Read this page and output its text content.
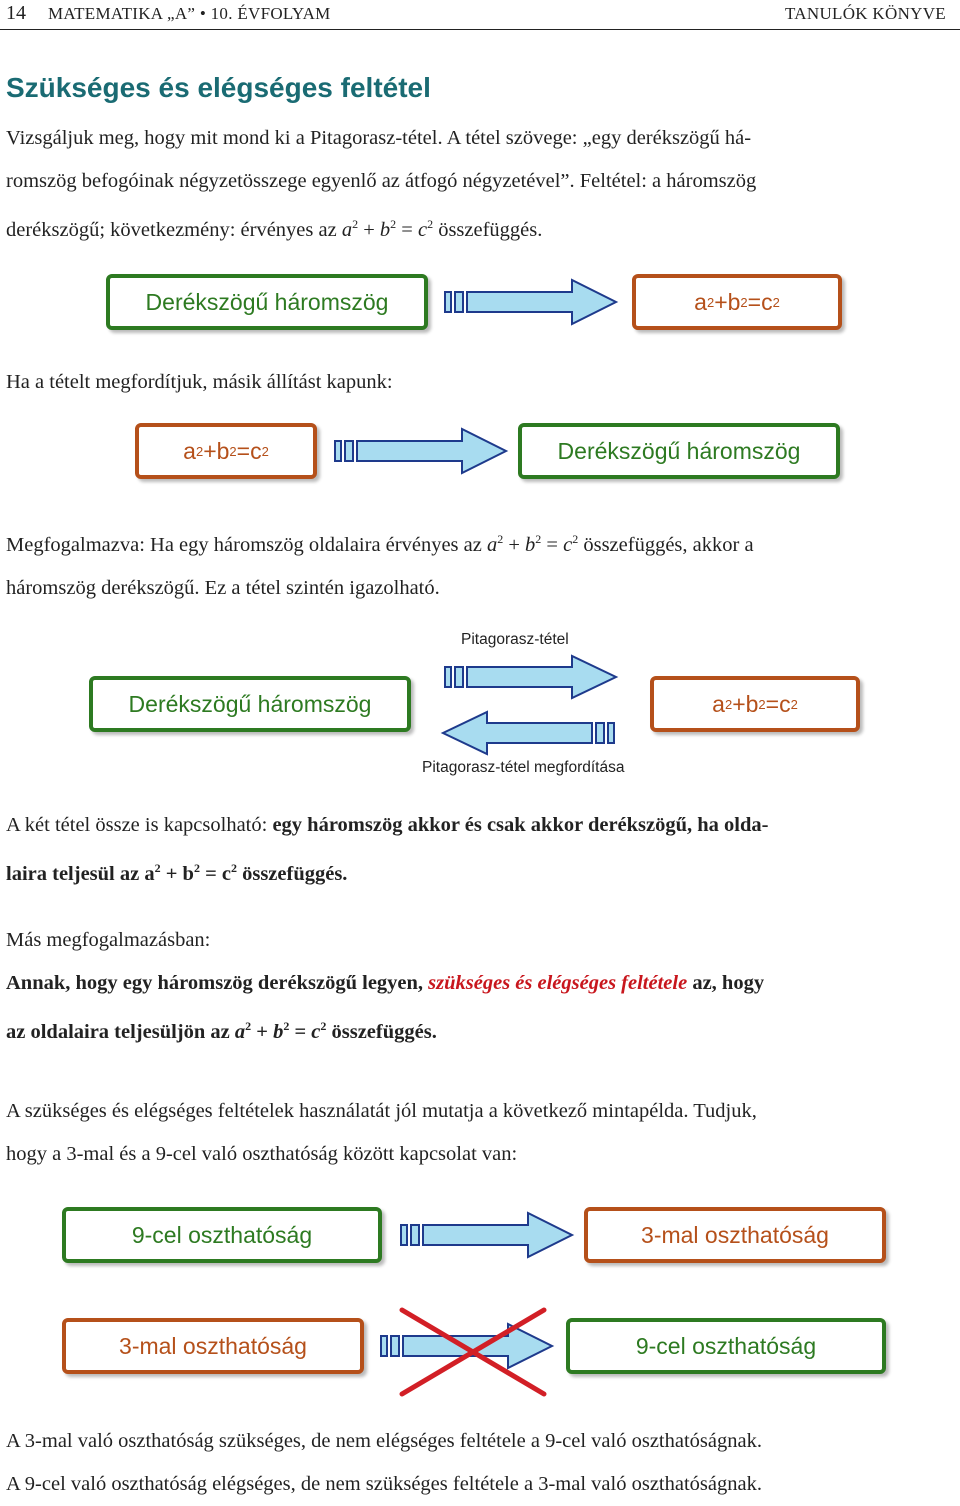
14 MATEMATIKA „A” • 10. ÉVFOLYAM	TANULÓK KÖNYVE
Szükséges és elégséges feltétel
Vizsgáljuk meg, hogy mit mond ki a Pitagorasz-tétel. A tétel szövege: „egy derékszögű há-
romszög befogóinak négyzetösszege egyenlő az átfogó négyzetével”. Feltétel: a háromszög
derékszögű; következmény: érvényes az $a^2 + b^2 = c^2$ összefüggés.
Derékszögű háromszög	a 2 + b 2 = c 2
Ha a tételt megfordítjuk, másik állítást kapunk:
a 2 + b 2 = c 2	Derékszögű háromszög
Megfogalmazva: Ha egy háromszög oldalaira érvényes az $a^2 + b^2 = c^2$ összefüggés, akkor a
háromszög derékszögű. Ez a tétel szintén igazolható.
Pitagorasz-tétel
Derékszögű háromszög	a 2 + b 2 = c 2
Pitagorasz-tétel megfordítása
A két tétel össze is kapcsolható: egy háromszög akkor és csak akkor derékszögű, ha olda-
laira teljesül az $a^2 + b^2 = c^2$ összefüggés.
Más megfogalmazásban:
Annak, hogy egy háromszög derékszögű legyen, szükséges és elégséges feltétele az, hogy
az oldalaira teljesüljön az $a^2 + b^2 = c^2$ összefüggés.
A szükséges és elégséges feltételek használatát jól mutatja a következő mintapélda. Tudjuk,
hogy a 3-mal és a 9-cel való oszthatóság között kapcsolat van:
9-cel oszthatóság	3-mal oszthatóság
3-mal oszthatóság	9-cel oszthatóság
A 3-mal való oszthatóság szükséges, de nem elégséges feltétele a 9-cel való oszthatóságnak.
A 9-cel való oszthatóság elégséges, de nem szükséges feltétele a 3-mal való oszthatóságnak.
